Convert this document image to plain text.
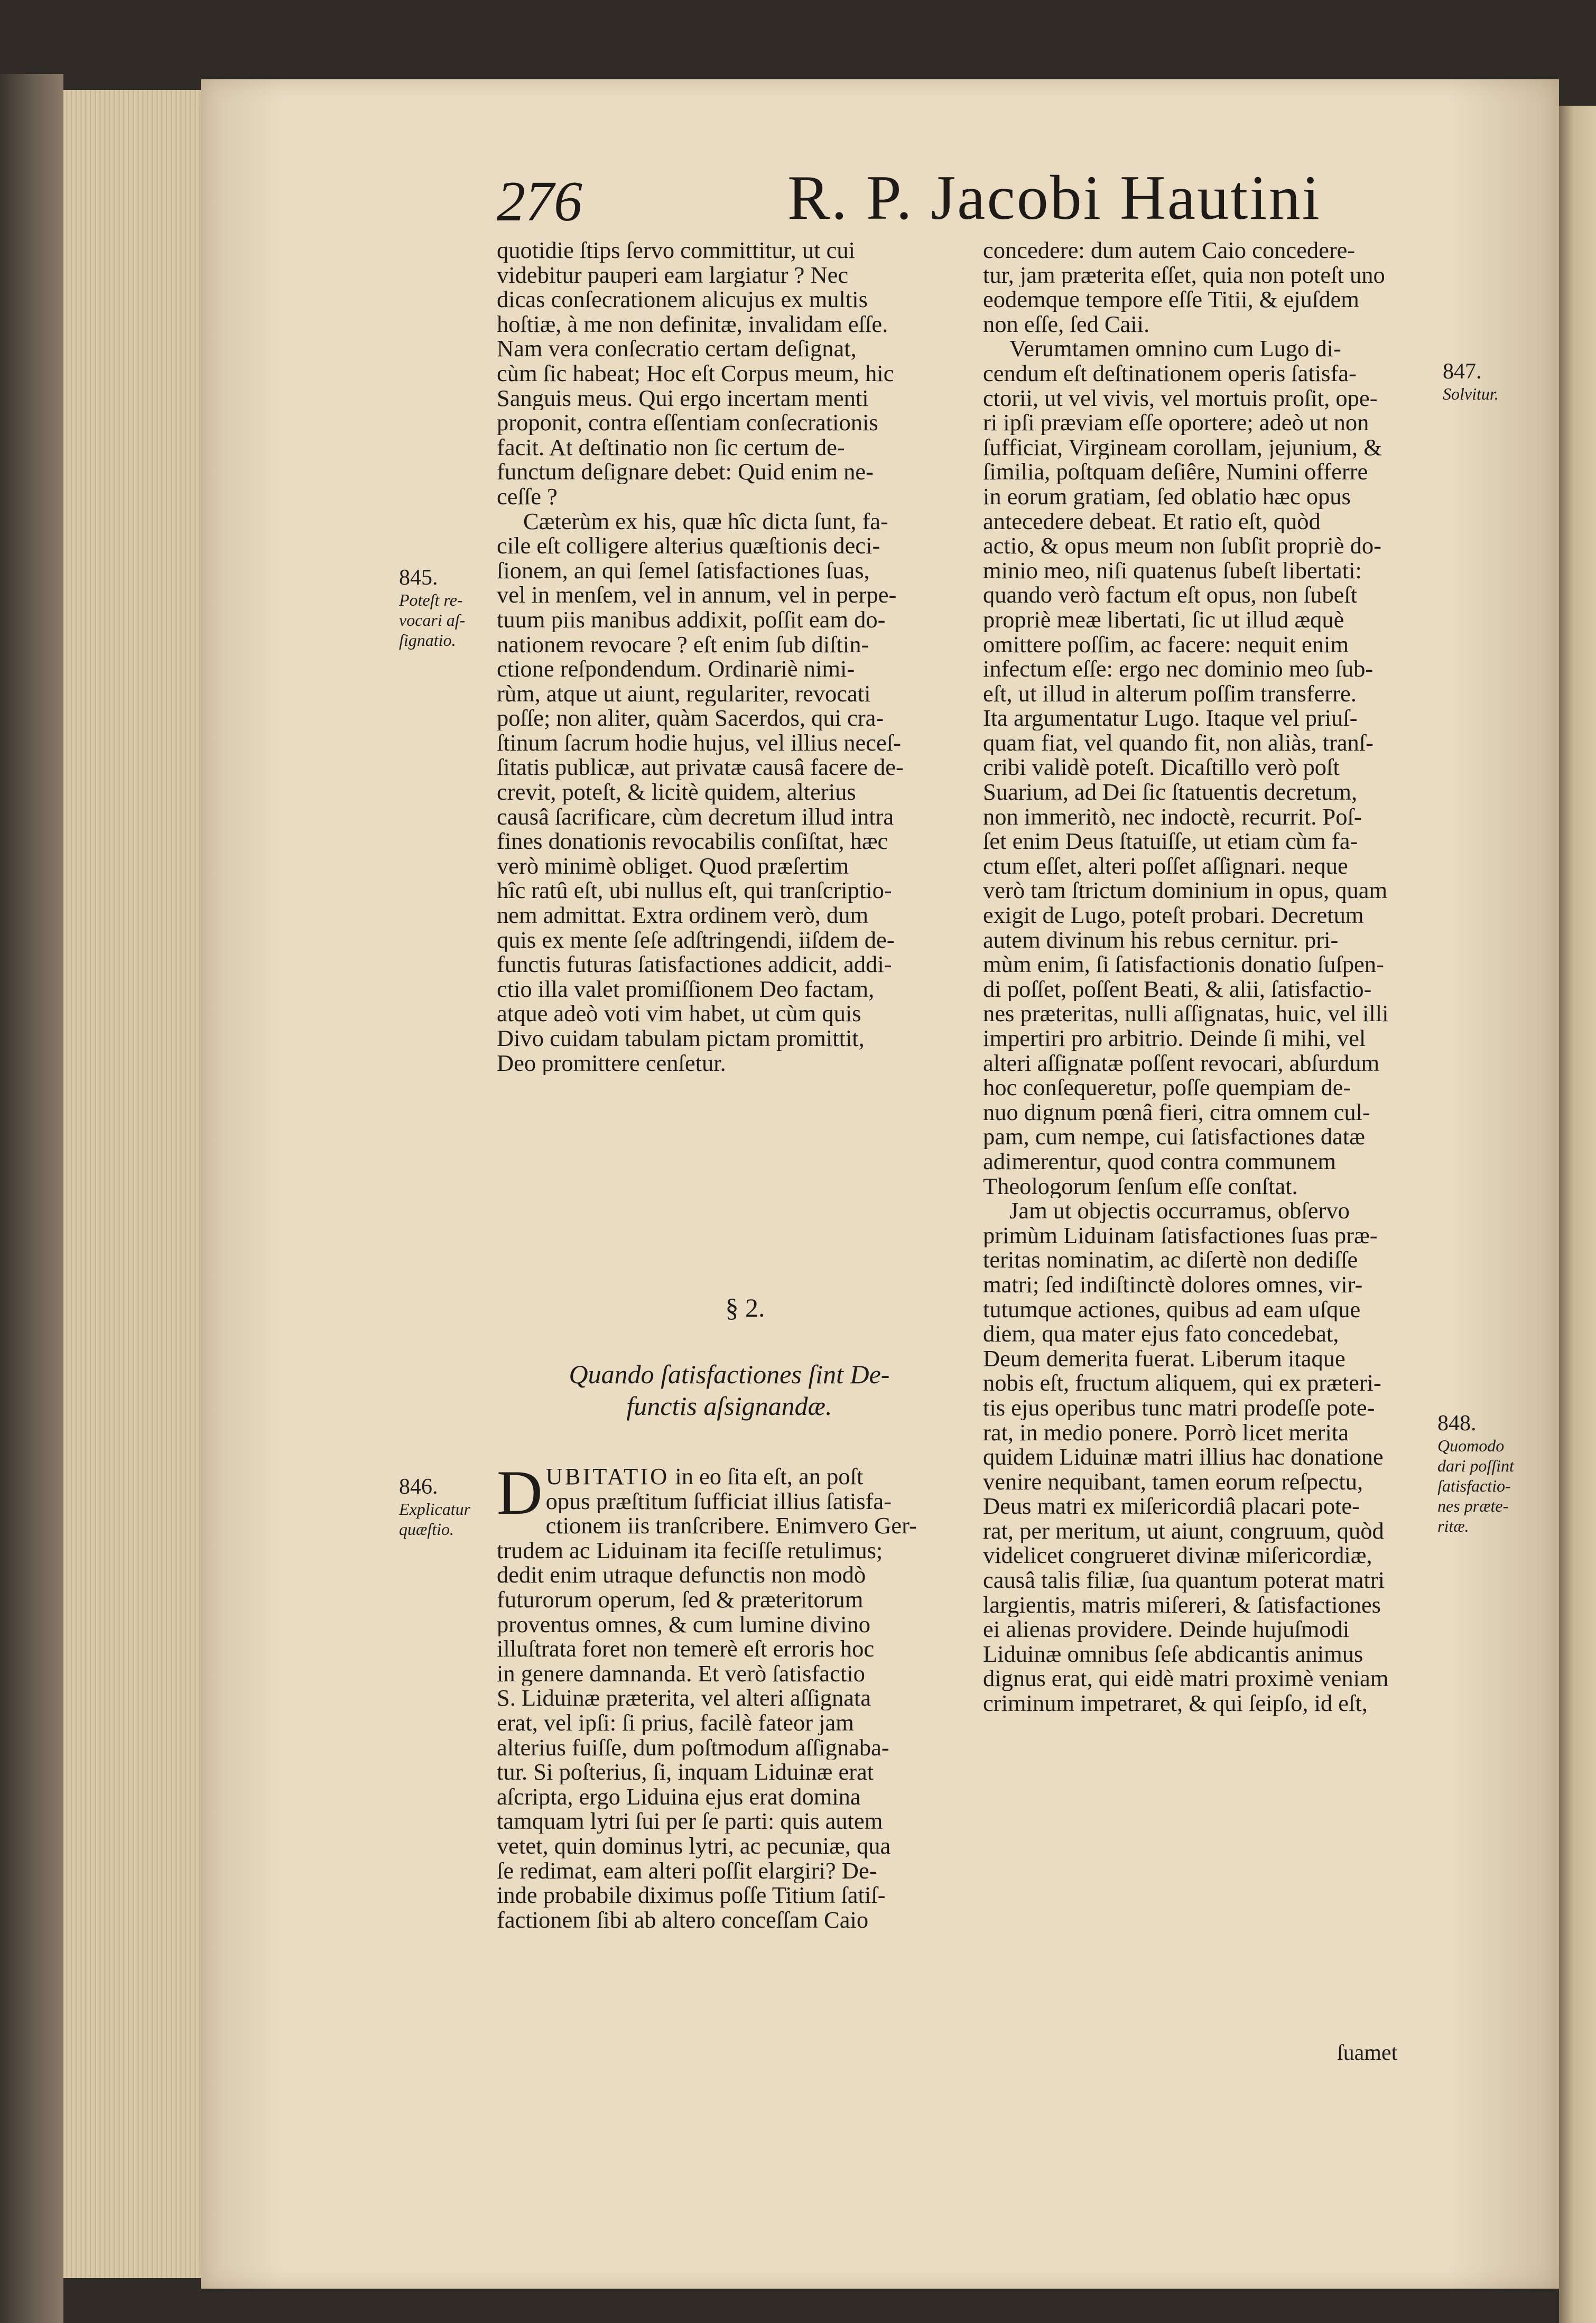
276	R. P. Jacobi Hautini
quotidie ſtips ſervo committitur, ut cui
videbitur pauperi eam largiatur ? Nec
dicas conſecrationem alicujus ex multis
hoſtiæ, à me non definitæ, invalidam eſſe.
Nam vera conſecratio certam deſignat,
cùm ſic habeat; Hoc eſt Corpus meum, hic
Sanguis meus. Qui ergo incertam menti
proponit, contra eſſentiam conſecrationis
facit. At deſtinatio non ſic certum de-
functum deſignare debet: Quid enim ne-
ceſſe ?
Cæterùm ex his, quæ hîc dicta ſunt, fa-
cile eſt colligere alterius quæſtionis deci-
ſionem, an qui ſemel ſatisfactiones ſuas,
vel in menſem, vel in annum, vel in perpe-
tuum piis manibus addixit, poſſit eam do-
nationem revocare ? eſt enim ſub diſtin-
ctione reſpondendum. Ordinariè nimi-
rùm, atque ut aiunt, regulariter, revocati
poſſe; non aliter, quàm Sacerdos, qui cra-
ſtinum ſacrum hodie hujus, vel illius neceſ-
ſitatis publicæ, aut privatæ causâ facere de-
crevit, poteſt, & licitè quidem, alterius
causâ ſacrificare, cùm decretum illud intra
fines donationis revocabilis conſiſtat, hæc
verò minimè obliget. Quod præſertim
hîc ratû eſt, ubi nullus eſt, qui tranſcriptio-
nem admittat. Extra ordinem verò, dum
quis ex mente ſeſe adſtringendi, iiſdem de-
functis futuras ſatisfactiones addicit, addi-
ctio illa valet promiſſionem Deo factam,
atque adeò voti vim habet, ut cùm quis
Divo cuidam tabulam pictam promittit,
Deo promittere cenſetur.
§ 2.
Quando ſatisfactiones ſint De-
functis aſsignandæ.
D UBITATIO in eo ſita eſt, an poſt
opus præſtitum ſufficiat illius ſatisfa-
ctionem iis tranſcribere. Enimvero Ger-
trudem ac Liduinam ita feciſſe retulimus;
dedit enim utraque defunctis non modò
futurorum operum, ſed & præteritorum
proventus omnes, & cum lumine divino
illuſtrata foret non temerè eſt erroris hoc
in genere damnanda. Et verò ſatisfactio
S. Liduinæ præterita, vel alteri aſſignata
erat, vel ipſi: ſi prius, facilè fateor jam
alterius fuiſſe, dum poſtmodum aſſignaba-
tur. Si poſterius, ſi, inquam Liduinæ erat
aſcripta, ergo Liduina ejus erat domina
tamquam lytri ſui per ſe parti: quis autem
vetet, quin dominus lytri, ac pecuniæ, qua
ſe redimat, eam alteri poſſit elargiri? De-
inde probabile diximus poſſe Titium ſatiſ-
factionem ſibi ab altero conceſſam Caio
concedere: dum autem Caio concedere-
tur, jam præterita eſſet, quia non poteſt uno
eodemque tempore eſſe Titii, & ejuſdem
non eſſe, ſed Caii.
Verumtamen omnino cum Lugo di-
cendum eſt deſtinationem operis ſatisfa-
ctorii, ut vel vivis, vel mortuis proſit, ope-
ri ipſi præviam eſſe oportere; adeò ut non
ſufficiat, Virgineam corollam, jejunium, &
ſimilia, poſtquam deſiêre, Numini offerre
in eorum gratiam, ſed oblatio hæc opus
antecedere debeat. Et ratio eſt, quòd
actio, & opus meum non ſubſit propriè do-
minio meo, niſi quatenus ſubeſt libertati:
quando verò factum eſt opus, non ſubeſt
propriè meæ libertati, ſic ut illud æquè
omittere poſſim, ac facere: nequit enim
infectum eſſe: ergo nec dominio meo ſub-
eſt, ut illud in alterum poſſim transferre.
Ita argumentatur Lugo. Itaque vel priuſ-
quam fiat, vel quando fit, non aliàs, tranſ-
cribi validè poteſt. Dicaſtillo verò poſt
Suarium, ad Dei ſic ſtatuentis decretum,
non immeritò, nec indoctè, recurrit. Poſ-
ſet enim Deus ſtatuiſſe, ut etiam cùm fa-
ctum eſſet, alteri poſſet aſſignari. neque
verò tam ſtrictum dominium in opus, quam
exigit de Lugo, poteſt probari. Decretum
autem divinum his rebus cernitur. pri-
mùm enim, ſi ſatisfactionis donatio ſuſpen-
di poſſet, poſſent Beati, & alii, ſatisfactio-
nes præteritas, nulli aſſignatas, huic, vel illi
impertiri pro arbitrio. Deinde ſi mihi, vel
alteri aſſignatæ poſſent revocari, abſurdum
hoc conſequeretur, poſſe quempiam de-
nuo dignum pœnâ fieri, citra omnem cul-
pam, cum nempe, cui ſatisfactiones datæ
adimerentur, quod contra communem
Theologorum ſenſum eſſe conſtat.
Jam ut objectis occurramus, obſervo
primùm Liduinam ſatisfactiones ſuas præ-
teritas nominatim, ac diſertè non dediſſe
matri; ſed indiſtinctè dolores omnes, vir-
tutumque actiones, quibus ad eam uſque
diem, qua mater ejus fato concedebat,
Deum demerita fuerat. Liberum itaque
nobis eſt, fructum aliquem, qui ex præteri-
tis ejus operibus tunc matri prodeſſe pote-
rat, in medio ponere. Porrò licet merita
quidem Liduinæ matri illius hac donatione
venire nequibant, tamen eorum reſpectu,
Deus matri ex miſericordiâ placari pote-
rat, per meritum, ut aiunt, congruum, quòd
videlicet congrueret divinæ miſericordiæ,
causâ talis filiæ, ſua quantum poterat matri
largientis, matris miſereri, & ſatisfactiones
ei alienas providere. Deinde hujuſmodi
Liduinæ omnibus ſeſe abdicantis animus
dignus erat, qui eidè matri proximè veniam
criminum impetraret, & qui ſeipſo, id eſt,
ſuamet
845.
Poteſt re-
vocari aſ-
ſignatio.
846.
Explicatur
quæſtio.
847.
Solvitur.
848.
Quomodo
dari poſſint
ſatisfactio-
nes præte-
ritæ.
